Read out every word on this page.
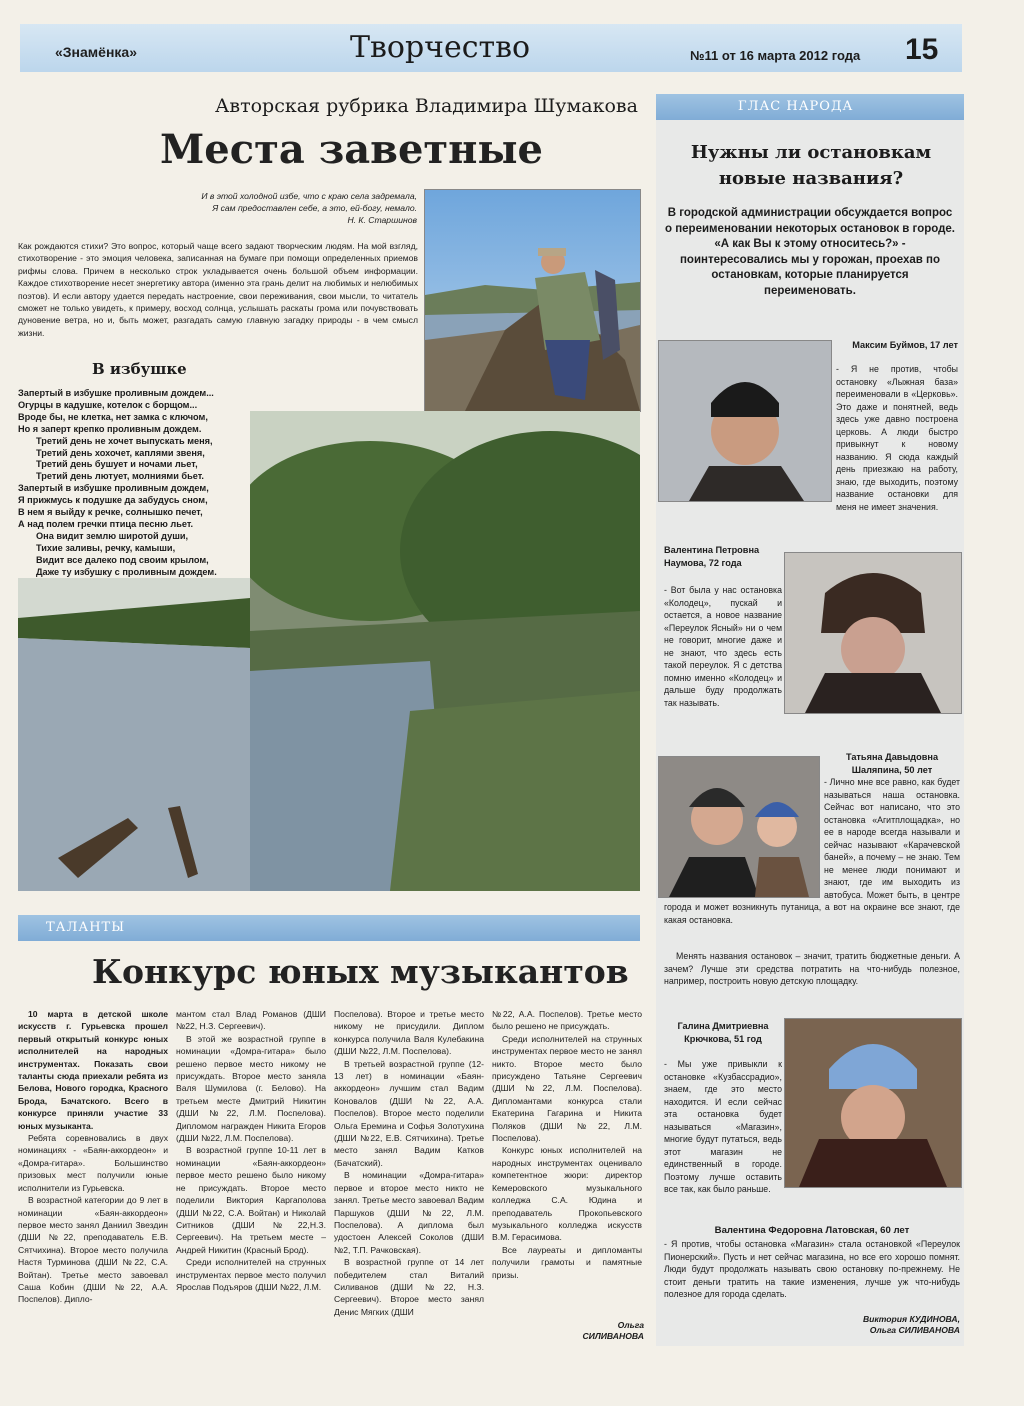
«Знамёнка»	Творчество	№11 от 16 марта 2012 года 15
Авторская рубрика Владимира Шумакова
Места заветные
И в этой холодной избе, что с краю села задремала,
Я сам предоставлен себе, а это, ей-богу, немало.
Н. К. Старшинов
Как рождаются стихи? Это вопрос, который чаще всего задают творческим людям. На мой взгляд, стихотворение - это эмоция человека, записанная на бумаге при помощи определенных приемов рифмы слова. Причем в несколько строк укладывается очень большой объем информации. Каждое стихотворение несет энергетику автора (именно эта грань делит на любимых и нелюбимых поэтов). И если автору удается передать настроение, свои переживания, свои мысли, то читатель сможет не только увидеть, к примеру, восход солнца, услышать раскаты грома или почувствовать дуновение ветра, но и, быть может, разгадать самую главную загадку природы - в чем смысл жизни.
В избушке
Запертый в избушке проливным дождем...
Огурцы в кадушке, котелок с борщом...
Вроде бы, не клетка, нет замка с ключом,
Но я заперт крепко проливным дождем.
Третий день не хочет выпускать меня,
Третий день хохочет, каплями звеня,
Третий день бушует и ночами льет,
Третий день лютует, молниями бьет.
Запертый в избушке проливным дождем,
Я прижмусь к подушке да забудусь сном,
В нем я выйду к речке, солнышко печет,
А над полем гречки птица песню льет.
Она видит землю широтой души,
Тихие заливы, речку, камыши,
Видит все далеко под своим крылом,
Даже ту избушку с проливным дождем.
ТАЛАНТЫ
Конкурс юных музыкантов

10 марта в детской школе искусств г. Гурьевска прошел первый открытый конкурс юных исполнителей на народных инструментах. Показать свои таланты сюда приехали ребята из Белова, Нового городка, Красного Брода, Бачатского. Всего в конкурсе приняли участие 33 юных музыканта.

Ребята соревновались в двух номинациях - «Баян-аккордеон» и «Домра-гитара». Большинство призовых мест получили юные исполнители из Гурьевска.

В возрастной категории до 9 лет в номинации «Баян-аккордеон» первое место занял Даниил Звездин (ДШИ №22, преподаватель Е.В. Сятчихина). Второе место получила Настя Турминова (ДШИ №22, С.А. Войтан). Третье место завоевал Саша Кобин (ДШИ №22, А.А. Поспелов). Дипло-

мантом стал Влад Романов (ДШИ №22, Н.З. Сергеевич).

В этой же возрастной группе в номинации «Домра-гитара» было решено первое место никому не присуждать. Второе место заняла Валя Шумилова (г. Белово). На третьем месте Дмитрий Никитин (ДШИ №22, Л.М. Поспелова). Дипломом награжден Никита Егоров (ДШИ №22, Л.М. Поспелова).

В возрастной группе 10-11 лет в номинации «Баян-аккордеон» первое место решено было никому не присуждать. Второе место поделили Виктория Каргаполова (ДШИ №22, С.А. Войтан) и Николай Ситников (ДШИ №22,Н.З. Сергеевич). На третьем месте – Андрей Никитин (Красный Брод).

Среди исполнителей на струнных инструментах первое место получил Ярослав Подъяров (ДШИ №22, Л.М.

Поспелова). Второе и третье место никому не присудили. Диплом конкурса получила Валя Кулебакина (ДШИ №22, Л.М. Поспелова).

В третьей возрастной группе (12-13 лет) в номинации «Баян-аккордеон» лучшим стал Вадим Коновалов (ДШИ №22, А.А. Поспелов). Второе место поделили Ольга Еремина и Софья Золотухина (ДШИ №22, Е.В. Сятчихина). Третье место занял Вадим Катков (Бачатский).

В номинации «Домра-гитара» первое и второе место никто не занял. Третье место завоевал Вадим Паршуков (ДШИ №22, Л.М. Поспелова). А диплома был удостоен Алексей Соколов (ДШИ №2, Т.П. Рачковская).

В возрастной группе от 14 лет победителем стал Виталий Силиванов (ДШИ №22, Н.З. Сергеевич). Второе место занял Денис Мягких (ДШИ

№22, А.А. Поспелов). Третье место было решено не присуждать.

Среди исполнителей на струнных инструментах первое место не занял никто. Второе место было присуждено Татьяне Сергеевич (ДШИ №22, Л.М. Поспелова). Дипломантами конкурса стали Екатерина Гагарина и Никита Поляков (ДШИ №22, Л.М. Поспелова).

Конкурс юных исполнителей на народных инструментах оценивало компетентное жюри: директор Кемеровского музыкального колледжа С.А. Юдина и преподаватель Прокопьевского музыкального колледжа искусств В.М. Герасимова.

Все лауреаты и дипломанты получили грамоты и памятные призы.

Ольга
СИЛИВАНОВА
ГЛАС НАРОДА
Нужны ли остановкам новые названия?
В городской администрации обсуждается вопрос о переименовании некоторых остановок в городе. «А как Вы к этому относитесь?» - поинтересовались мы у горожан, проехав по остановкам, которые планируется переименовать.
Максим Буймов, 17 лет
- Я не против, чтобы остановку «Лыжная база» переименовали в «Церковь». Это даже и понятней, ведь здесь уже давно построена церковь. А люди быстро привыкнут к новому названию. Я сюда каждый день приезжаю на работу, знаю, где выходить, поэтому название остановки для меня не имеет значения.
Валентина Петровна Наумова, 72 года
- Вот была у нас остановка «Колодец», пускай и остается, а новое название «Переулок Ясный» ни о чем не говорит, многие даже и не знают, что здесь есть такой переулок. Я с детства помню именно «Колодец» и дальше буду продолжать так называть.
Татьяна Давыдовна Шаляпина, 50 лет
- Лично мне все равно, как будет называться наша остановка. Сейчас вот написано, что это остановка «Агитплощадка», но ее в народе всегда называли и сейчас называют «Карачевской баней», а почему – не знаю. Тем не менее люди понимают и знают, где им выходить из автобуса. Может быть, в центре города и может возникнуть путаница, а вот на окраине все знают, где какая остановка.
Менять названия остановок – значит, тратить бюджетные деньги. А зачем? Лучше эти средства потратить на что-нибудь полезное, например, построить новую детскую площадку.
Галина Дмитриевна Крючкова, 51 год
- Мы уже привыкли к остановке «Кузбассрадио», знаем, где это место находится. И если сейчас эта остановка будет называться «Магазин», многие будут путаться, ведь этот магазин не единственный в городе. Поэтому лучше оставить все так, как было раньше.
Валентина Федоровна Латовская, 60 лет
- Я против, чтобы остановка «Магазин» стала остановкой «Переулок Пионерский». Пусть и нет сейчас магазина, но все его хорошо помнят. Люди будут продолжать называть свою остановку по-прежнему. Не стоит деньги тратить на такие изменения, лучше уж что-нибудь полезное для города сделать.
Виктория КУДИНОВА,
Ольга СИЛИВАНОВА
